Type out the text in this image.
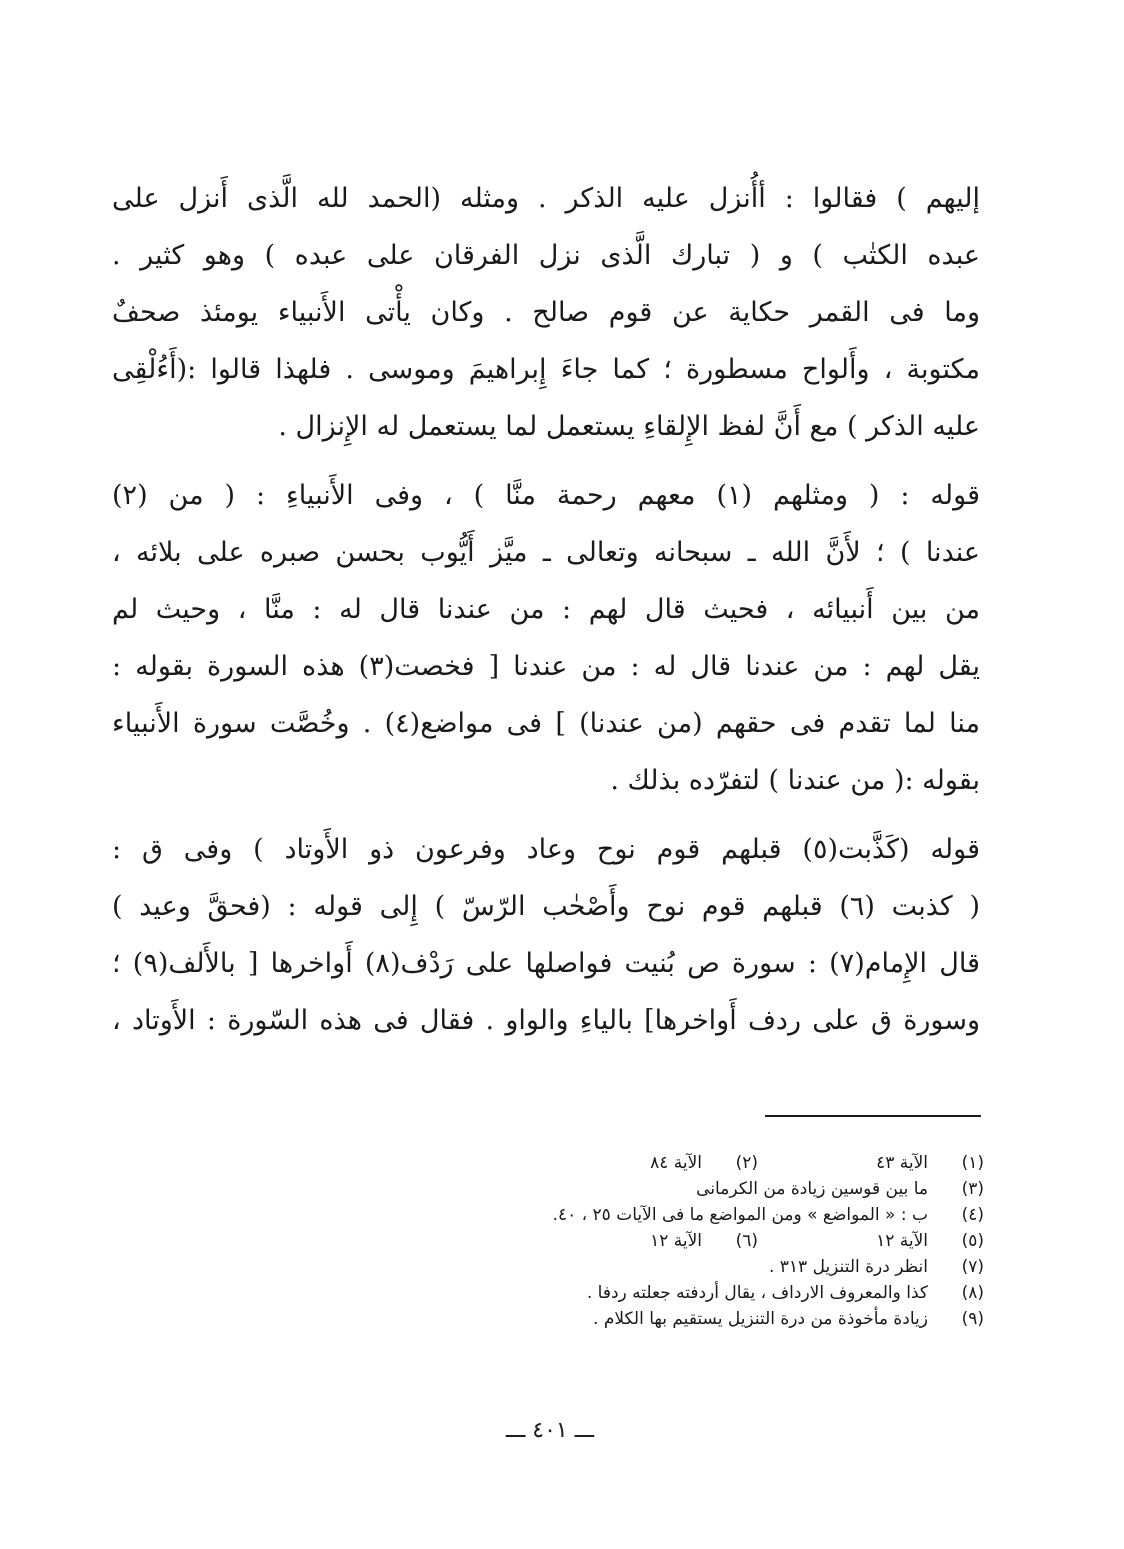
إليهم ) فقالوا : أأُنزل عليه الذكر . ومثله (الحمد لله الَّذى أَنزل على
عبده الكتٰب ) و ( تبارك الَّذى نزل الفرقان على عبده ) وهو كثير .
وما فى القمر حكاية عن قوم صالح . وكان يأْتى الأَنبياء يومئذ صحفٌ
مكتوبة ، وأَلواح مسطورة ؛ كما جاءَ إِبراهيمَ وموسى . فلهذا قالوا :(أَءُلْقِى
عليه الذكر ) مع أَنَّ لفظ الإِلقاءِ يستعمل لما يستعمل له الإِنزال .
قوله : ( ومثلهم (١) معهم رحمة منَّا ) ، وفى الأَنبياءِ : ( من (٢)
عندنا ) ؛ لأَنَّ الله ـ سبحانه وتعالى ـ ميَّز أَيُّوب بحسن صبره على بلائه ،
من بين أَنبيائه ، فحيث قال لهم : من عندنا قال له : منَّا ، وحيث لم
يقل لهم : من عندنا قال له : من عندنا [ فخصت(٣) هذه السورة بقوله :
منا لما تقدم فى حقهم (من عندنا) ] فى مواضع(٤) . وخُصَّت سورة الأَنبياء
بقوله :( من عندنا ) لتفرّده بذلك .
قوله (كَذَّبت(٥) قبلهم قوم نوح وعاد وفرعون ذو الأَوتاد ) وفى ق :
( كذبت (٦) قبلهم قوم نوح وأَصْحٰب الرّسّ ) إِلى قوله : (فحقَّ وعيد )
قال الإِمام(٧) : سورة ص بُنيت فواصلها على رَدْف(٨) أَواخرها [ بالأَلف(٩) ؛
وسورة ق على ردف أَواخرها] بالياءِ والواو . فقال فى هذه السّورة : الأَوتاد ،
(١)
الآية ٤٣
(٢)
الآية ٨٤
(٣)
ما بين قوسين زيادة من الكرمانى
(٤)
ب : « المواضع » ومن المواضع ما فى الآيات ٢٥ ، ٤٠.
(٥)
الآية ١٢
(٦)
الآية ١٢
(٧)
انظر درة التنزيل ٣١٣ .
(٨)
كذا والمعروف الارداف ، يقال أردفته جعلته ردفا .
(٩)
زيادة مأخوذة من درة التنزيل يستقيم بها الكلام .
ـــ ٤٠١ ـــ
